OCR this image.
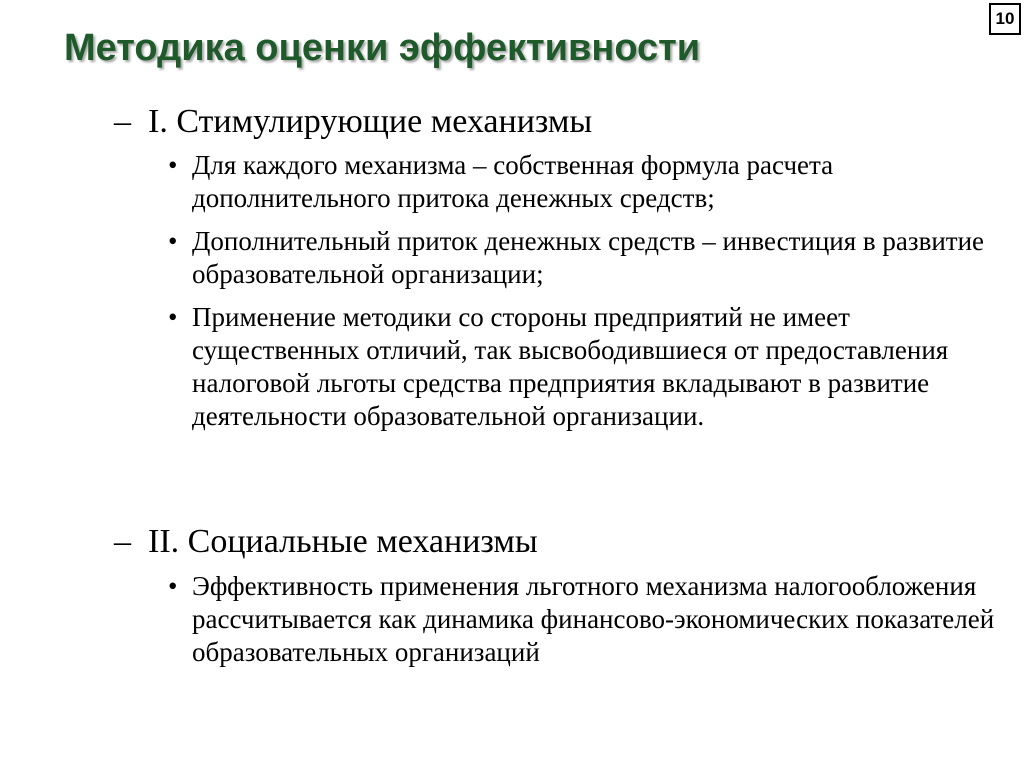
Методика оценки эффективности
10
– I. Стимулирующие механизмы
• Для каждого механизма – собственная формула расчета дополнительного притока денежных средств;
• Дополнительный приток денежных средств – инвестиция в развитие образовательной организации;
• Применение методики со стороны предприятий не имеет существенных отличий, так высвободившиеся от предоставления налоговой льготы средства предприятия вкладывают в развитие деятельности образовательной организации.
– II. Социальные механизмы
• Эффективность применения льготного механизма налогообложения рассчитывается как динамика финансово-экономических показателей образовательных организаций
